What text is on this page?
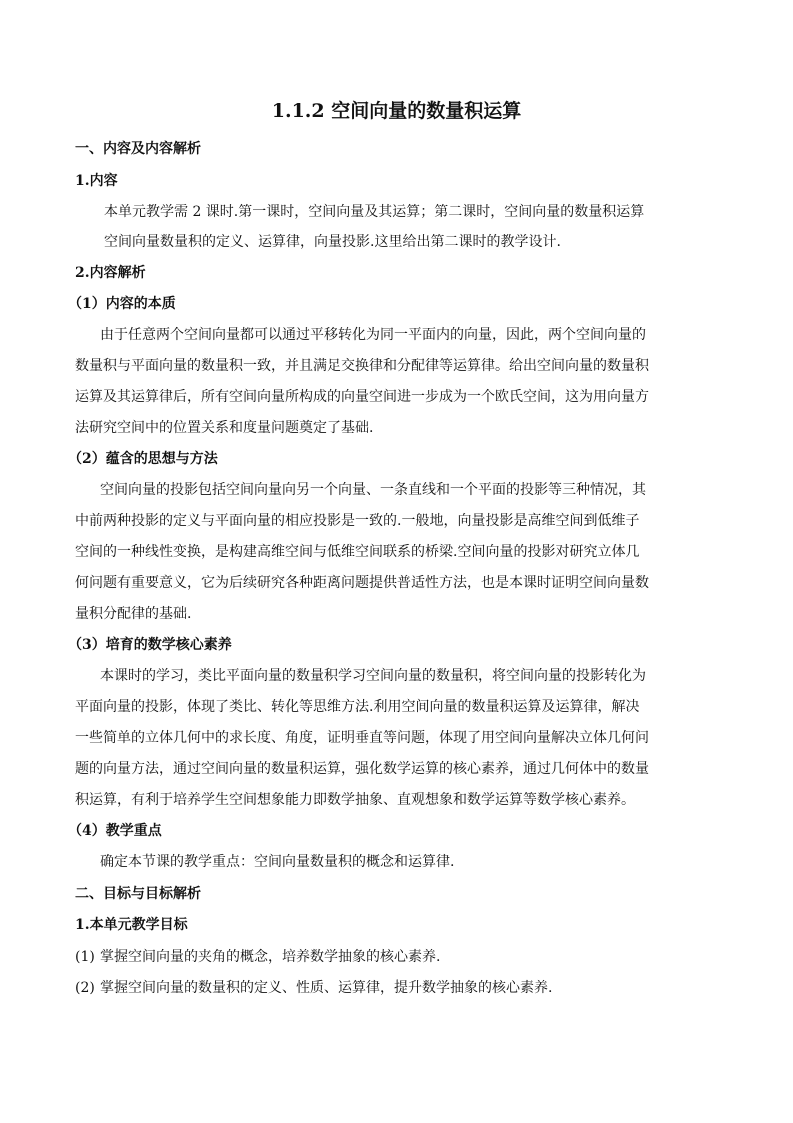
1.1.2 空间向量的数量积运算
一、内容及内容解析
1.内容
本单元教学需 2 课时.第一课时，空间向量及其运算；第二课时，空间向量的数量积运算
空间向量数量积的定义、运算律，向量投影.这里给出第二课时的教学设计.
2.内容解析
（1）内容的本质
由于任意两个空间向量都可以通过平移转化为同一平面内的向量，因此，两个空间向量的
数量积与平面向量的数量积一致，并且满足交换律和分配律等运算律。给出空间向量的数量积
运算及其运算律后，所有空间向量所构成的向量空间进一步成为一个欧氏空间，这为用向量方
法研究空间中的位置关系和度量问题奠定了基础.
（2）蕴含的思想与方法
空间向量的投影包括空间向量向另一个向量、一条直线和一个平面的投影等三种情况，其
中前两种投影的定义与平面向量的相应投影是一致的.一般地，向量投影是高维空间到低维子
空间的一种线性变换，是构建高维空间与低维空间联系的桥梁.空间向量的投影对研究立体几
何问题有重要意义，它为后续研究各种距离问题提供普适性方法，也是本课时证明空间向量数
量积分配律的基础.
（3）培育的数学核心素养
本课时的学习，类比平面向量的数量积学习空间向量的数量积，将空间向量的投影转化为
平面向量的投影，体现了类比、转化等思维方法.利用空间向量的数量积运算及运算律，解决
一些简单的立体几何中的求长度、角度，证明垂直等问题，体现了用空间向量解决立体几何问
题的向量方法，通过空间向量的数量积运算，强化数学运算的核心素养，通过几何体中的数量
积运算，有利于培养学生空间想象能力即数学抽象、直观想象和数学运算等数学核心素养。
（4）教学重点
确定本节课的教学重点：空间向量数量积的概念和运算律.
二、目标与目标解析
1.本单元教学目标
(1) 掌握空间向量的夹角的概念，培养数学抽象的核心素养.
(2) 掌握空间向量的数量积的定义、性质、运算律，提升数学抽象的核心素养.
